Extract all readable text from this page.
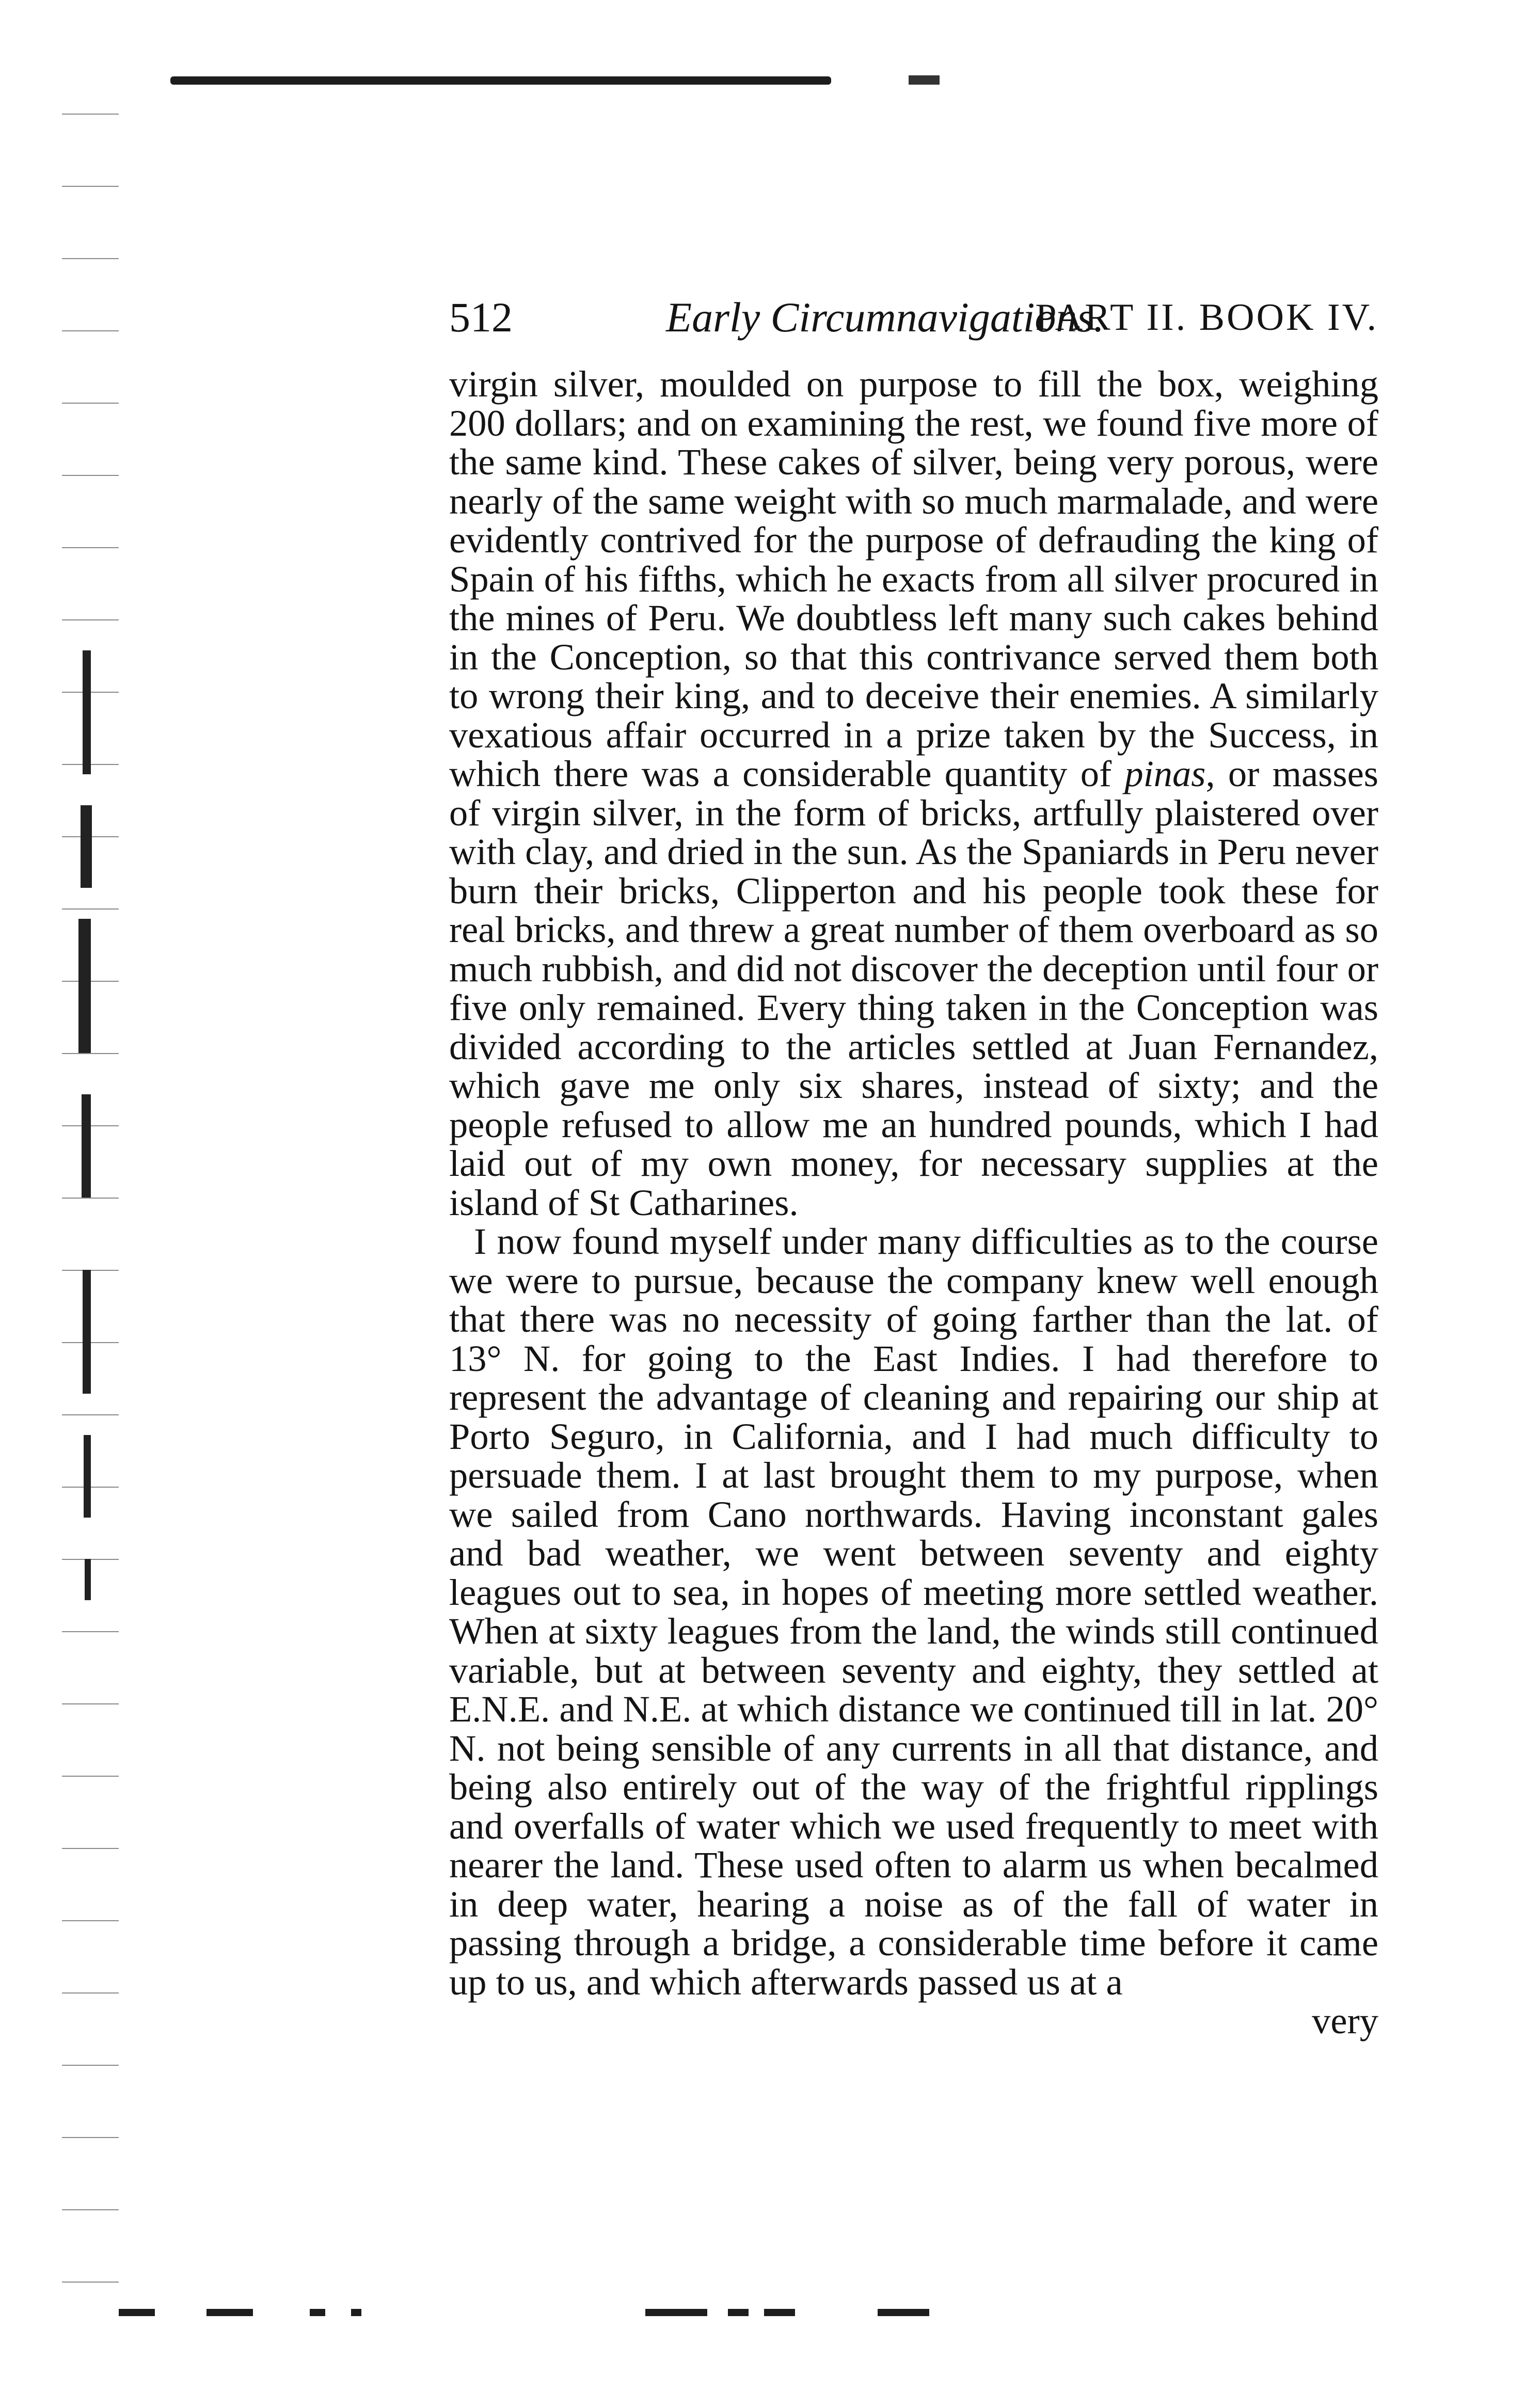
512	Early Circumnavigations.
PART II. BOOK IV.

virgin silver, moulded on purpose to fill the box, weighing 200 dollars; and on examining the rest, we found five more of the same kind. These cakes of silver, being very porous, were nearly of the same weight with so much marmalade, and were evidently contrived for the purpose of defrauding the king of Spain of his fifths, which he exacts from all silver procured in the mines of Peru. We doubtless left many such cakes behind in the Conception, so that this contrivance served them both to wrong their king, and to deceive their enemies. A similarly vexatious affair occurred in a prize taken by the Success, in which there was a considerable quantity of pinas, or masses of virgin silver, in the form of bricks, artfully plaistered over with clay, and dried in the sun. As the Spaniards in Peru never burn their bricks, Clipperton and his people took these for real bricks, and threw a great number of them overboard as so much rubbish, and did not discover the deception until four or five only remained. Every thing taken in the Conception was divided according to the articles settled at Juan Fernandez, which gave me only six shares, instead of sixty; and the people refused to allow me an hundred pounds, which I had laid out of my own money, for necessary supplies at the island of St Catharines.

I now found myself under many difficulties as to the course we were to pursue, because the company knew well enough that there was no necessity of going farther than the lat. of 13° N. for going to the East Indies. I had therefore to represent the advantage of cleaning and repairing our ship at Porto Seguro, in California, and I had much difficulty to persuade them. I at last brought them to my purpose, when we sailed from Cano northwards. Having inconstant gales and bad weather, we went between seventy and eighty leagues out to sea, in hopes of meeting more settled weather. When at sixty leagues from the land, the winds still continued variable, but at between seventy and eighty, they settled at E.N.E. and N.E. at which distance we continued till in lat. 20° N. not being sensible of any currents in all that distance, and being also entirely out of the way of the frightful ripplings and overfalls of water which we used frequently to meet with nearer the land. These used often to alarm us when becalmed in deep water, hearing a noise as of the fall of water in passing through a bridge, a considerable time before it came up to us, and which afterwards passed us at a

very
